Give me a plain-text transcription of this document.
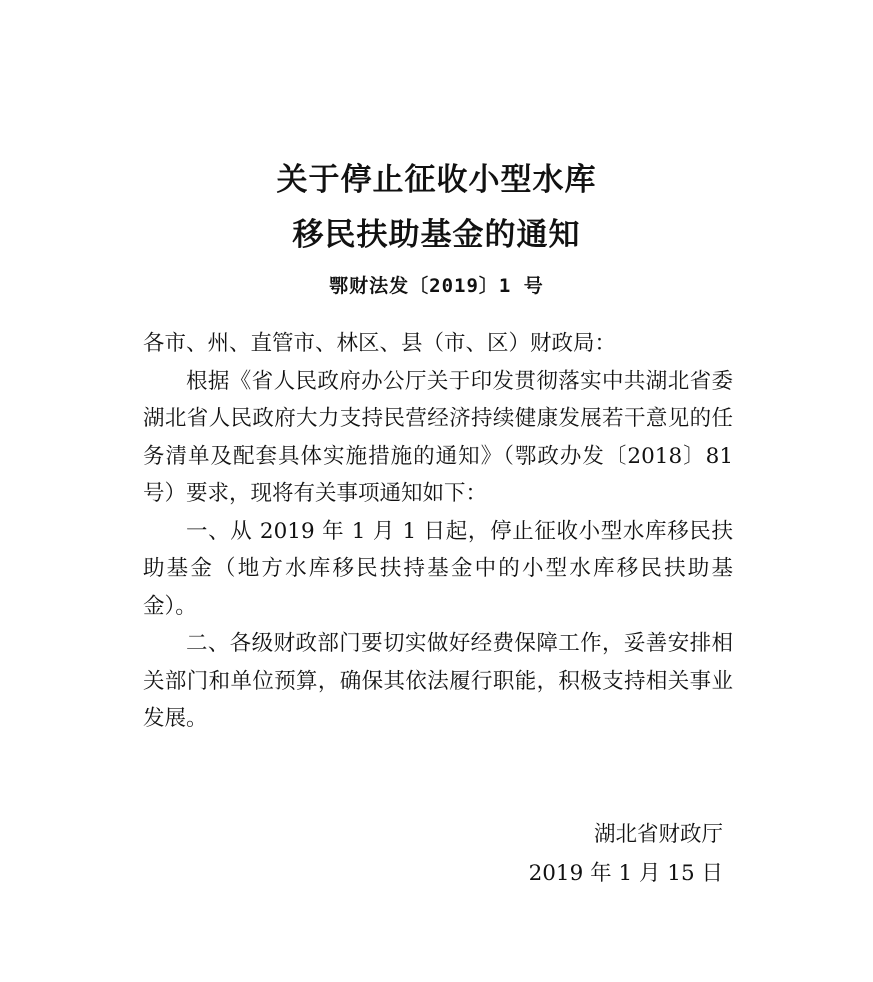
关于停止征收小型水库
移民扶助基金的通知
鄂财法发〔2019〕1 号

各市、州、直管市、林区、县（市、区）财政局：

根据《省人民政府办公厅关于印发贯彻落实中共湖北省委 湖北省人民政府大力支持民营经济持续健康发展若干意见的任务清单及配套具体实施措施的通知》（鄂政办发〔2018〕81 号）要求，现将有关事项通知如下：

一、从 2019 年 1 月 1 日起，停止征收小型水库移民扶助基金（地方水库移民扶持基金中的小型水库移民扶助基金）。

二、各级财政部门要切实做好经费保障工作，妥善安排相关部门和单位预算，确保其依法履行职能，积极支持相关事业发展。

湖北省财政厅
2019 年 1 月 15 日
